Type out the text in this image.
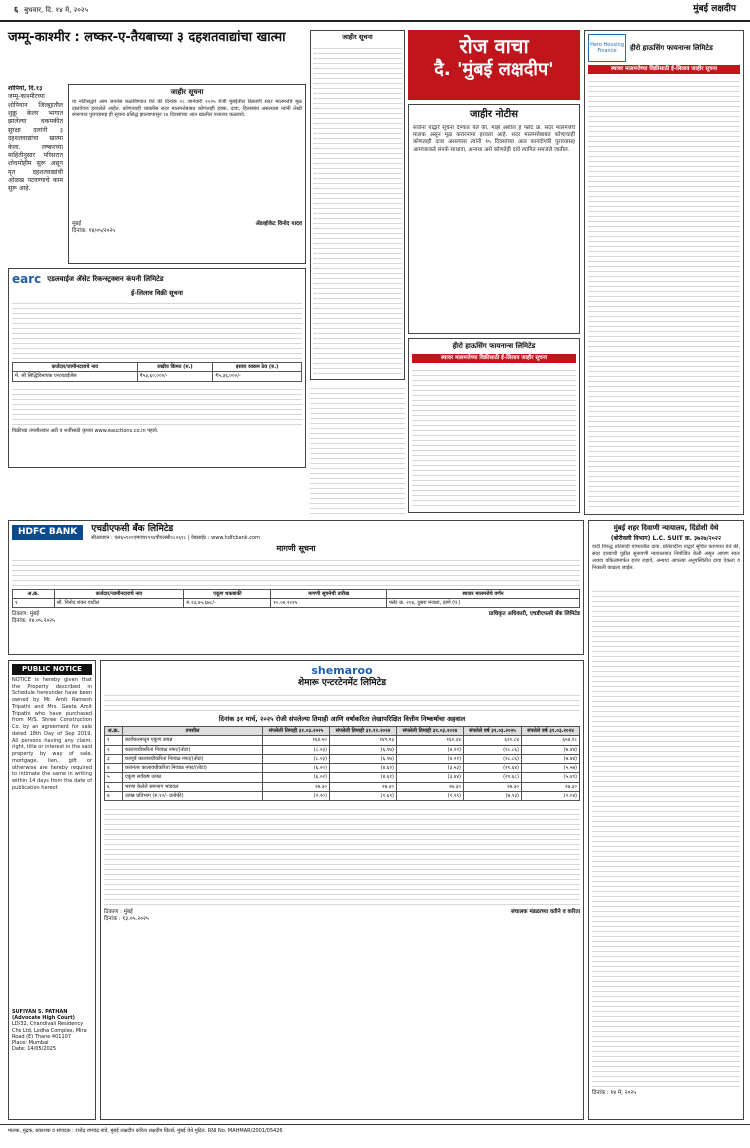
६ बुधवार, दि. १४ मे, २०२५	मुंबई लक्षदीप
जम्मू-काश्मीर : लष्कर-ए-तैयबाच्या ३ दहशतवाद्यांचा खात्मा
शोपियां, दि.१३
जम्मू-काश्मीरच्या शोपियान जिल्ह्यातील शुक्रू केलर भागात झालेल्या चकमकीत सुरक्षा दलांनी ३ दहशतवाद्यांचा खात्मा केला. लष्करच्या माहितीनुसार परिसरात शोधमोहीम सुरू असून मृत दहशतवाद्यांची ओळख पटवण्याचे काम सुरू आहे.
जाहीर सूचना
या नोटीसद्वारे आम जनतेस कळविण्यात येते की दिनांक २८ जानेवारी २०२५ रोजी मुंबईतील ठिकाणी सदर मालमत्तेचे मूळ दस्तऐवज हरवलेले आहेत. कोणत्याही व्यक्तीस सदर मालमत्तेबाबत कोणताही हक्क, दावा, हितसंबंध असल्यास त्यांनी लेखी स्वरूपात पुराव्यासह ही सूचना प्रसिद्ध झाल्यापासून १४ दिवसांच्या आत खालील पत्त्यावर कळवावे.
मुंबई
दिनांक: १४/०५/२०२५
ॲडव्होकेट विनोद यादव
जाहीर सूचना	रोज वाचा
दै. 'मुंबई लक्षदीप'
जाहीर नोटीस
सर्वांना याद्वारे सूचना देण्यात येते की, माझे अशील हे फ्लॅट क्र. सदर मालमत्तेचे मालक असून मूळ करारनामा हरवला आहे. सदर मालमत्तेबाबत कोणाचाही कोणताही दावा असल्यास त्यांनी १५ दिवसांच्या आत कागदोपत्री पुराव्यासह आमच्याकडे संपर्क साधावा, अन्यथा असे कोणतेही दावे त्यागित समजले जातील.
Hero Housing Finance	हीरो हाऊसिंग फायनान्स लिमिटेड
स्थावर मालमत्तेच्या विक्रीसाठी ई-लिलाव जाहीर सूचना
earc एडलवाईज ॲसेट रिकन्स्ट्रक्शन कंपनी लिमिटेड
ई-लिलाव विक्री सूचना
कर्जदार/जामीनदाराचे नाव	राखीव किंमत (रु.)	इसारा रक्कम ठेव (रु.)
मे. श्री सिद्धिविनायक एन्टरप्राईजेस	₹५३,६०,०००/-	₹५,३६,०००/-
विक्रीच्या तपशीलवार अटी व शर्तींसाठी कृपया www.eauctions.co.in पहावे.
हीरो हाऊसिंग फायनान्स लिमिटेड
स्थावर मालमत्तेच्या विक्रीसाठी ई-लिलाव जाहीर सूचना
HDFC BANK	एचडीएफसी बँक लिमिटेड
सीआयएन : एल६५९२०एमएच१९९४पीएलसी०८०६१८ | वेबसाईट : www.hdfcbank.com
मागणी सूचना
अ.क्र.	कर्जदार/जामीनदाराचे नाव	एकूण थकबाकी	मागणी सूचनेची तारीख	स्थावर मालमत्तेचे वर्णन
१	श्री. विनोद शंकर पाटील	रु.२३,४५,६७८/-	१०.०४.२०२५	फ्लॅट क्र. २०४, दुसरा मजला, ठाणे (प.)
ठिकाण: मुंबई
दिनांक: १४.०५.२०२५
प्राधिकृत अधिकारी, एचडीएफसी बँक लिमिटेड
मुंबई शहर दिवाणी न्यायालय, दिंडोशी येथे
(बोरीवली विभाग) L.C. SUIT क्र. ३७२७/२०२२
वादी विरुद्ध प्रतिवादी यांच्यातील दावा. प्रतिवादींना याद्वारे सूचित करण्यात येते की, सदर दाव्याची पुढील सुनावणी न्यायालयात नियोजित केली असून आपण स्वतः अथवा वकिलामार्फत हजर राहावे, अन्यथा आपल्या अनुपस्थितीत दावा ऐकला व निकाली काढला जाईल.
दिनांक : १४ मे, २०२५
PUBLIC NOTICE
NOTICE is hereby given that the Property described in Schedule hereunder have been owned by Mr. Amit Ramesh Tripathi and Mrs. Geeta Amit Tripathi who have purchased from M/S. Shree Construction Co. by an agreement for sale dated 18th Day of Sep 2019. All persons having any claim, right, title or interest in the said property by way of sale, mortgage, lien, gift or otherwise are hereby required to intimate the same in writing within 14 days from the date of publication hereof.
SUFIYAN S. PATHAN (Advocate High Court)
LD/32, Chandivali Residency Chs Ltd, Lodha Complex, Mira Road (E) Thane 401107
Place: Mumbai
Date: 14/05/2025
shemaroo
शेमारू एन्टरटेनमेंट लिमिटेड
दिनांक ३१ मार्च, २०२५ रोजी संपलेल्या तिमाही आणि वर्षाकरिता लेखापरिक्षित वित्तीय निष्कर्षाचा अहवाल
अ.क्र.	तपशील	संपलेली तिमाही ३१.०३.२०२५	संपलेली तिमाही ३१.१२.२०२४	संपलेली तिमाही ३१.०३.२०२४	संपलेले वर्ष ३१.०३.२०२५	संपलेले वर्ष ३१.०३.२०२४
१	कार्यचलनातून एकूण उत्पन्न	१६४.५०	१४९.२३	१६२.३४	६२०.८४	६५४.१८
२	कालावधीकरिता निव्वळ नफा/(तोटा)	(८.०३)	(६.१७)	(४.२१)	(२८.८६)	(७.४४)
३	करपूर्व कालावधीकरिता निव्वळ नफा/(तोटा)	(८.०३)	(६.१७)	(४.२१)	(२८.८६)	(७.४४)
४	करानंतर कालावधीकरिता निव्वळ नफा/(तोटा)	(६.००)	(४.६२)	(३.५३)	(२१.६४)	(५.५७)
५	एकूण सर्वंकष उत्पन्न	(६.०२)	(४.६१)	(३.४४)	(२१.६८)	(५.४९)
६	भरणा केलेले समभाग भांडवल	२७.३०	२७.३०	२७.३०	२७.३०	२७.३०
७	उत्पन्न प्रतिभाग (रु.१०/- प्रत्येकी)	(२.२०)	(१.६९)	(१.२९)	(७.९३)	(२.०४)
ठिकाण : मुंबई
दिनांक : १३.०५.२०२५
संचालक मंडळाच्या वतीने व करिता
मालक, मुद्रक, प्रकाशक व संपादक : राजेंद्र रामचंद्र पांडे, मुंबई लक्षदीप करिता लक्षदीप प्रिंटर्स, मुंबई येथे मुद्रित. RNI No. MAHMAR/2001/05426
